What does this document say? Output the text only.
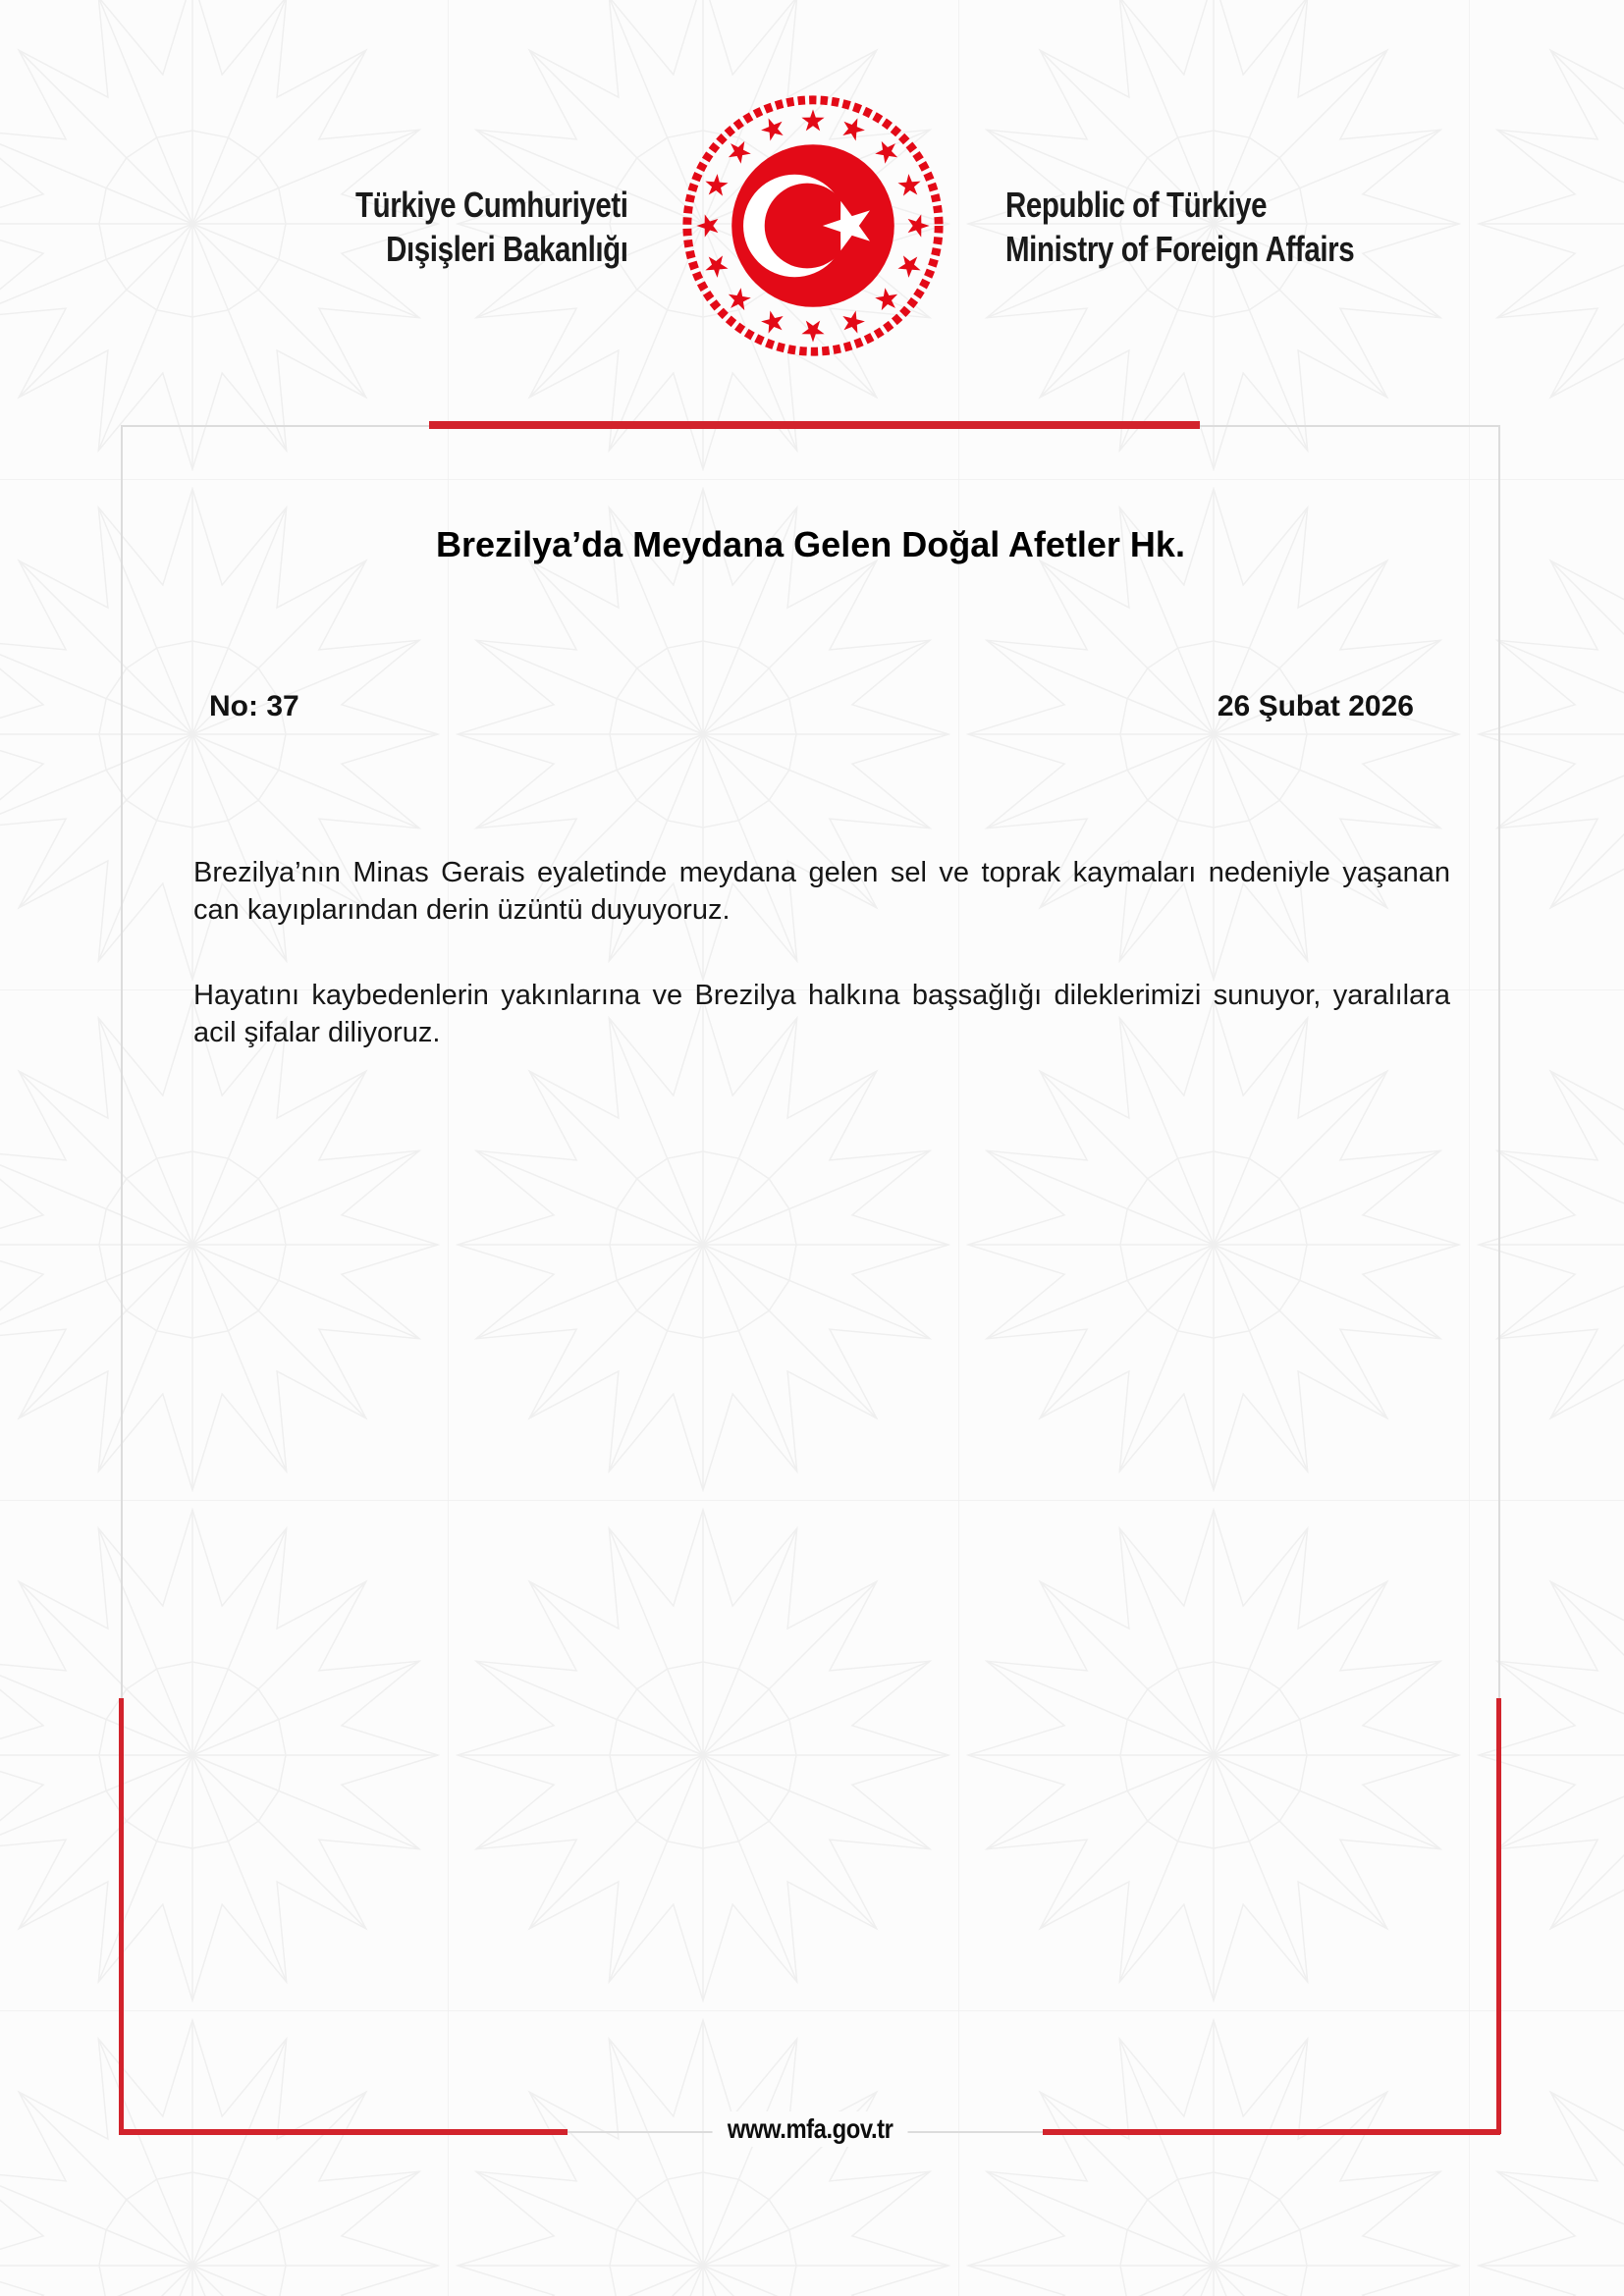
Türkiye Cumhuriyeti
Dışişleri Bakanlığı
Republic of Türkiye
Ministry of Foreign Affairs
Brezilya’da Meydana Gelen Doğal Afetler Hk.
No: 37	26 Şubat 2026

Brezilya’nın Minas Gerais eyaletinde meydana gelen sel ve toprak kaymaları nedeniyle yaşanan can kayıplarından derin üzüntü duyuyoruz.

Hayatını kaybedenlerin yakınlarına ve Brezilya halkına başsağlığı dileklerimizi sunuyor, yaralılara acil şifalar diliyoruz.

www.mfa.gov.tr
